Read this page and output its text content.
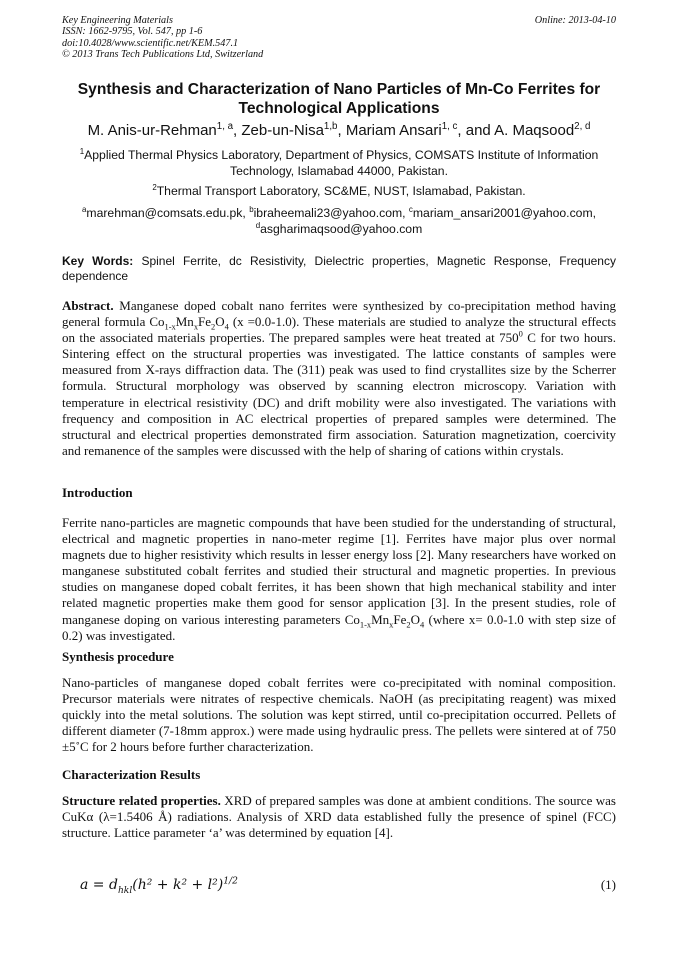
Key Engineering Materials
ISSN: 1662-9795, Vol. 547, pp 1-6
doi:10.4028/www.scientific.net/KEM.547.1
© 2013 Trans Tech Publications Ltd, Switzerland
Online: 2013-04-10
Synthesis and Characterization of Nano Particles of Mn-Co Ferrites for Technological Applications
M. Anis-ur-Rehman$^{1, a}$, Zeb-un-Nisa$^{1,b}$, Mariam Ansari$^{1, c}$, and A. Maqsood$^{2, d}$
$^1$Applied Thermal Physics Laboratory, Department of Physics, COMSATS Institute of Information Technology, Islamabad 44000, Pakistan.
$^2$Thermal Transport Laboratory, SC&ME, NUST, Islamabad, Pakistan.
$^a$marehman@comsats.edu.pk, $^b$ibraheemali23@yahoo.com, $^c$mariam_ansari2001@yahoo.com,
$^d$asgharimaqsood@yahoo.com
Key Words: Spinel Ferrite, dc Resistivity, Dielectric properties, Magnetic Response, Frequency dependence
Abstract. Manganese doped cobalt nano ferrites were synthesized by co-precipitation method having general formula $Co_{1-x}Mn_xFe_2O_4$ (x =0.0-1.0). These materials are studied to analyze the structural effects on the associated materials properties. The prepared samples were heat treated at $750^0$ C for two hours. Sintering effect on the structural properties was investigated. The lattice constants of samples were measured from X-rays diffraction data. The (311) peak was used to find crystallites size by the Scherrer formula. Structural morphology was observed by scanning electron microscopy. Variation with temperature in electrical resistivity (DC) and drift mobility were also investigated. The variations with frequency and composition in AC electrical properties of prepared samples were determined. The structural and electrical properties demonstrated firm association. Saturation magnetization, coercivity and remanence of the samples were discussed with the help of sharing of cations within crystals.
Introduction
Ferrite nano-particles are magnetic compounds that have been studied for the understanding of structural, electrical and magnetic properties in nano-meter regime [1]. Ferrites have major plus over normal magnets due to higher resistivity which results in lesser energy loss [2]. Many researchers have worked on manganese substituted cobalt ferrites and studied their structural and magnetic properties. In previous studies on manganese doped cobalt ferrites, it has been shown that high mechanical stability and inter related magnetic properties make them good for sensor application [3]. In the present studies, role of manganese doping on various interesting parameters $Co_{1-x}Mn_xFe_2O_4$ (where x= 0.0-1.0 with step size of 0.2) was investigated.
Synthesis procedure
Nano-particles of manganese doped cobalt ferrites were co-precipitated with nominal composition. Precursor materials were nitrates of respective chemicals. NaOH (as precipitating reagent) was mixed quickly into the metal solutions. The solution was kept stirred, until co-precipitation occurred. Pellets of different diameter (7-18mm approx.) were made using hydraulic press. The pellets were sintered at of 750 ±5˚C for 2 hours before further characterization.
Characterization Results
Structure related properties. XRD of prepared samples was done at ambient conditions. The source was CuKα (λ=1.5406 Å) radiations. Analysis of XRD data established fully the presence of spinel (FCC) structure. Lattice parameter ‘a’ was determined by equation [4].
$a = d_{hkl}(h^2 + k^2 + l^2)^{1/2}$	(1)
